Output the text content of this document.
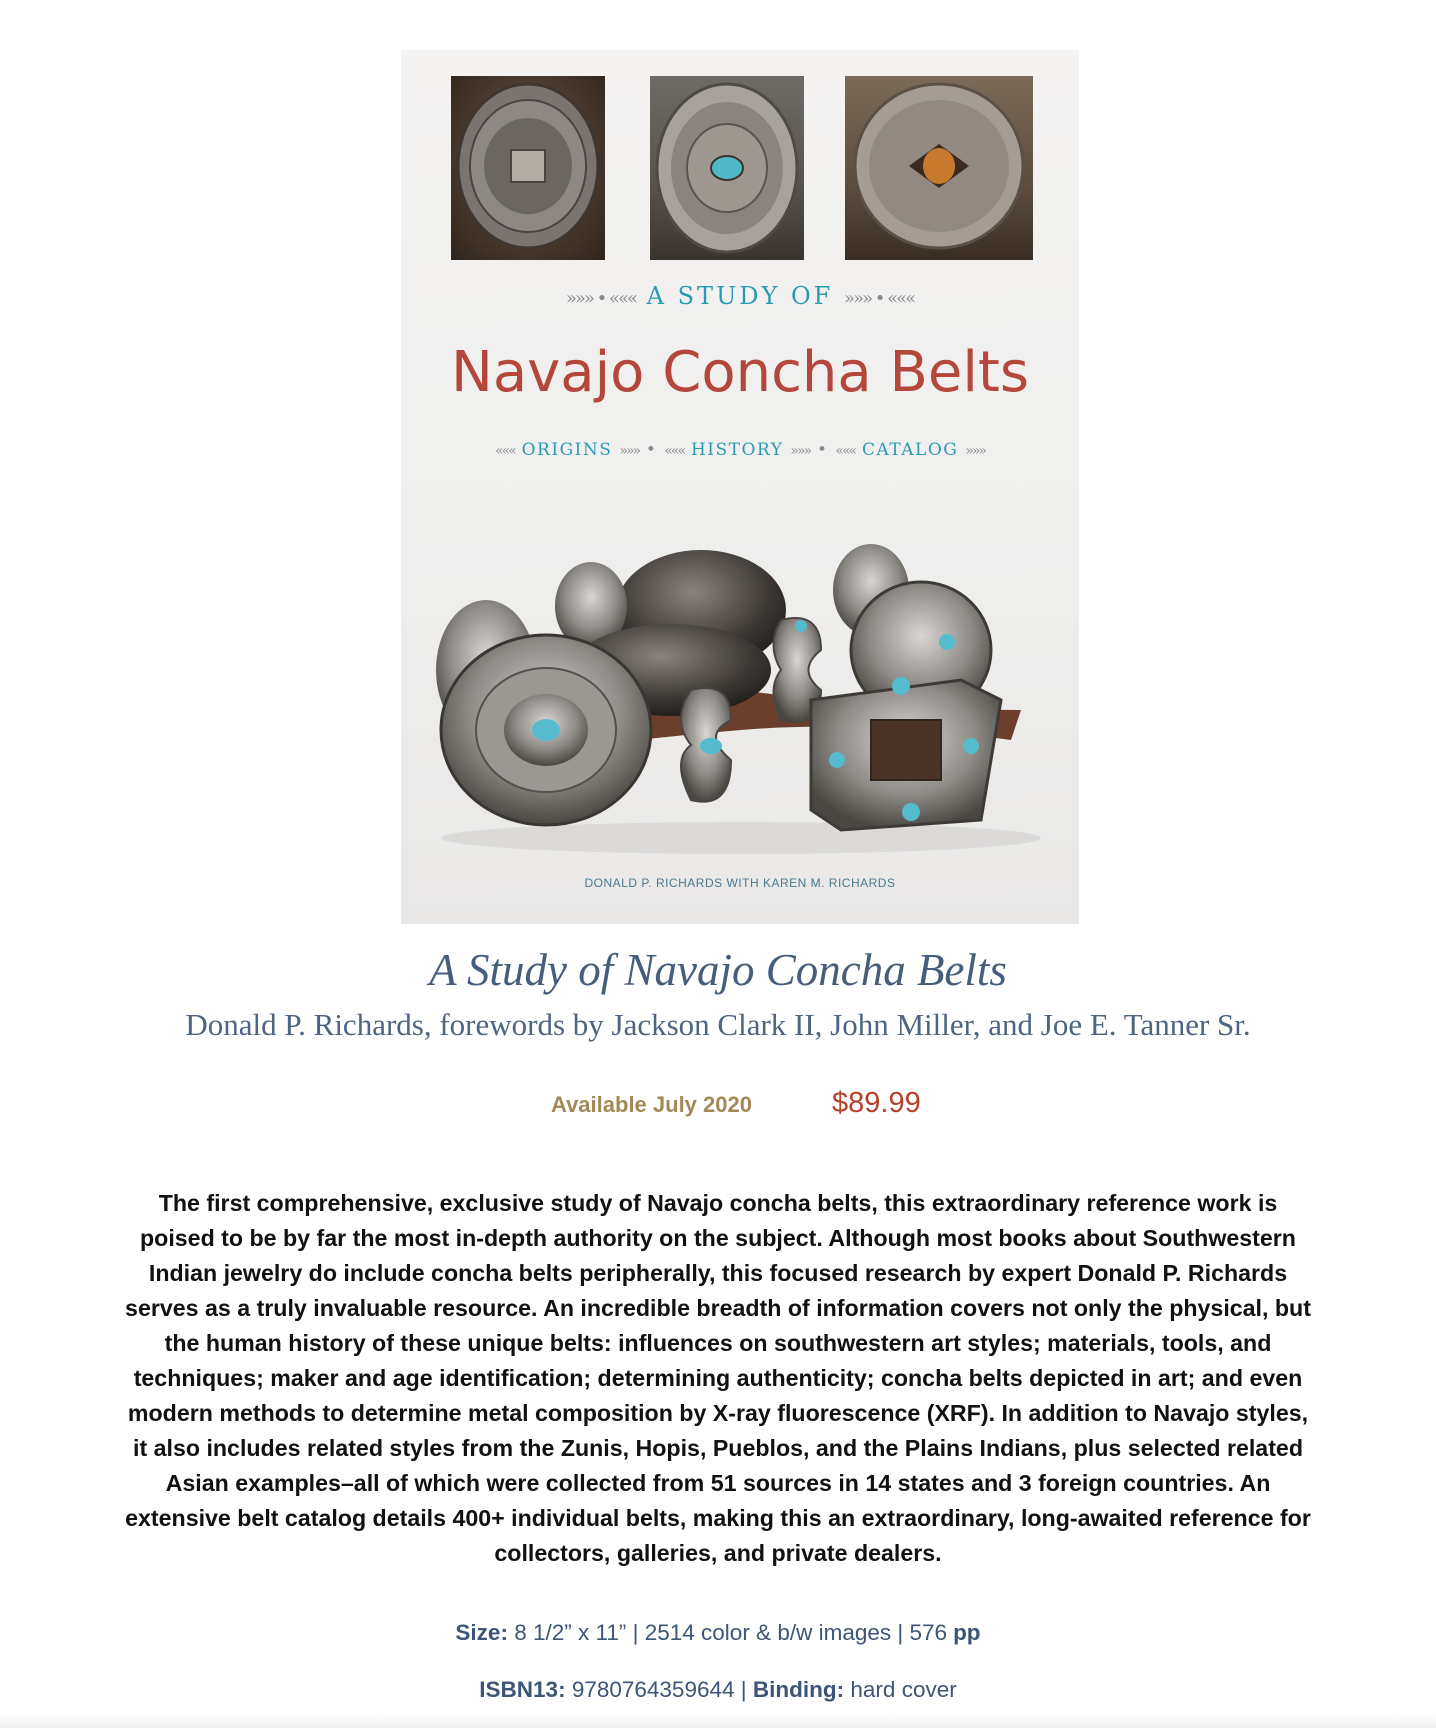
»»» • ««« A STUDY OF »»» • «««
Navajo Concha Belts
««« ORIGINS »»» • ««« HISTORY »»» • ««« CATALOG »»»
DONALD P. RICHARDS WITH KAREN M. RICHARDS
A Study of Navajo Concha Belts
Donald P. Richards, forewords by Jackson Clark II, John Miller, and Joe E. Tanner Sr.
Available July 2020	$89.99
The first comprehensive, exclusive study of Navajo concha belts, this extraordinary reference work is poised to be by far the most in-depth authority on the subject. Although most books about Southwestern Indian jewelry do include concha belts peripherally, this focused research by expert Donald P. Richards serves as a truly invaluable resource. An incredible breadth of information covers not only the physical, but the human history of these unique belts: influences on southwestern art styles; materials, tools, and techniques; maker and age identification; determining authenticity; concha belts depicted in art; and even modern methods to determine metal composition by X-ray fluorescence (XRF). In addition to Navajo styles, it also includes related styles from the Zunis, Hopis, Pueblos, and the Plains Indians, plus selected related Asian examples–all of which were collected from 51 sources in 14 states and 3 foreign countries. An extensive belt catalog details 400+ individual belts, making this an extraordinary, long-awaited reference for collectors, galleries, and private dealers.
Size: 8 1/2” x 11” | 2514 color & b/w images | 576 pp
ISBN13: 9780764359644 | Binding: hard cover
